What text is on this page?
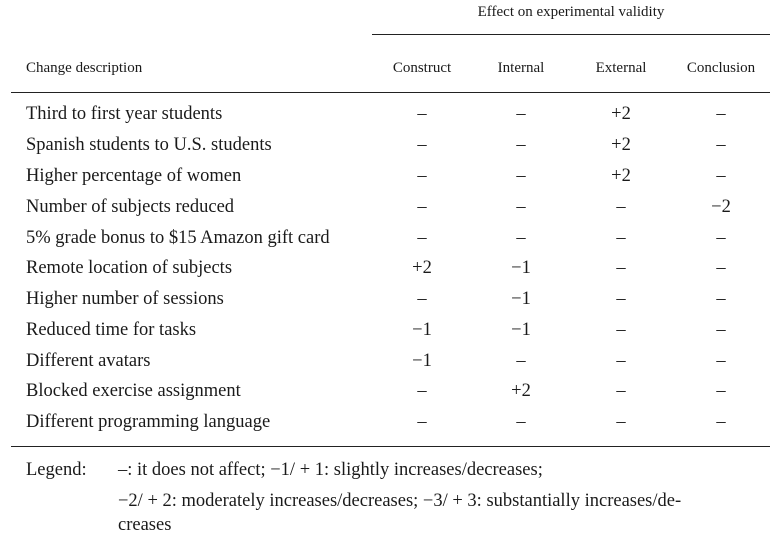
Effect on experimental validity
Change description	Construct	Internal	External	Conclusion
Third to first year students	–	–	+2	–
Spanish students to U.S. students	–	–	+2	–
Higher percentage of women	–	–	+2	–
Number of subjects reduced	–	–	–	−2
5% grade bonus to $15 Amazon gift card	–	–	–	–
Remote location of subjects	+2	−1	–	–
Higher number of sessions	–	−1	–	–
Reduced time for tasks	−1	−1	–	–
Different avatars	−1	–	–	–
Blocked exercise assignment	–	+2	–	–
Different programming language	–	–	–	–
Legend: –: it does not affect; −1/ + 1: slightly increases/decreases;
−2/ + 2: moderately increases/decreases; −3/ + 3: substantially increases/de-
creases
